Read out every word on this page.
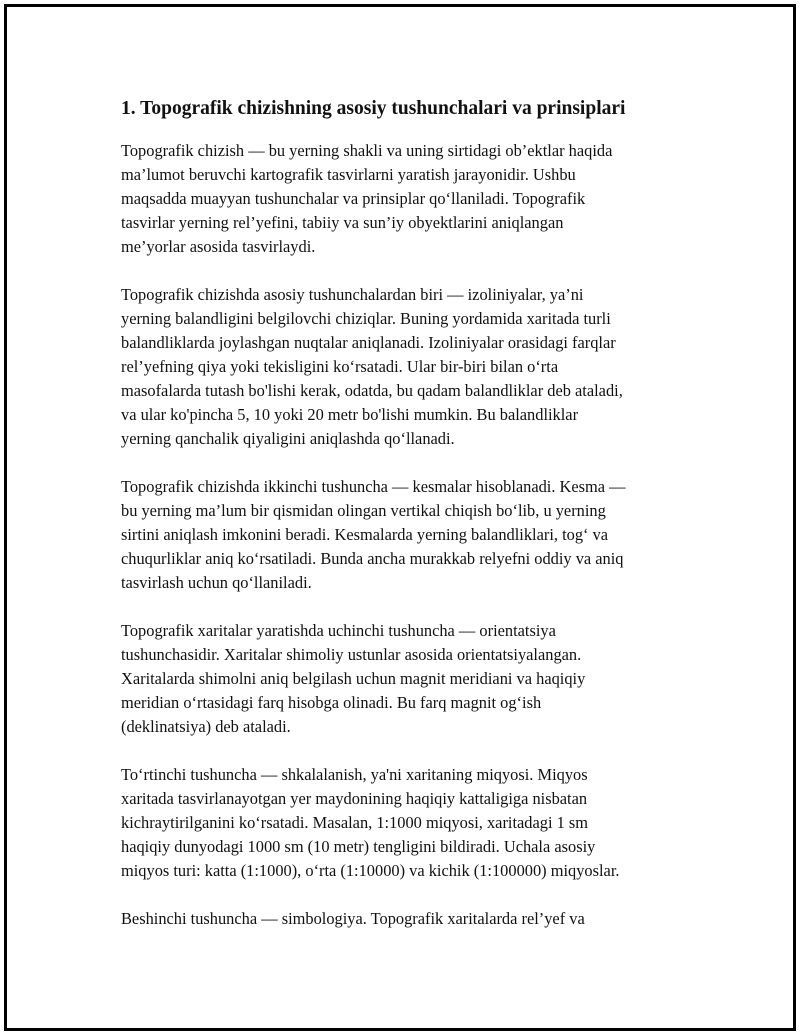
1. Topografik chizishning asosiy tushunchalari va prinsiplari

Topografik chizish — bu yerning shakli va uning sirtidagi ob’ektlar haqida
ma’lumot beruvchi kartografik tasvirlarni yaratish jarayonidir. Ushbu
maqsadda muayyan tushunchalar va prinsiplar qo‘llaniladi. Topografik
tasvirlar yerning rel’yefini, tabiiy va sun’iy obyektlarini aniqlangan
me’yorlar asosida tasvirlaydi.

Topografik chizishda asosiy tushunchalardan biri — izoliniyalar, ya’ni
yerning balandligini belgilovchi chiziqlar. Buning yordamida xaritada turli
balandliklarda joylashgan nuqtalar aniqlanadi. Izoliniyalar orasidagi farqlar
rel’yefning qiya yoki tekisligini ko‘rsatadi. Ular bir-biri bilan o‘rta
masofalarda tutash bo'lishi kerak, odatda, bu qadam balandliklar deb ataladi,
va ular ko'pincha 5, 10 yoki 20 metr bo'lishi mumkin. Bu balandliklar
yerning qanchalik qiyaligini aniqlashda qo‘llanadi.

Topografik chizishda ikkinchi tushuncha — kesmalar hisoblanadi. Kesma —
bu yerning ma’lum bir qismidan olingan vertikal chiqish bo‘lib, u yerning
sirtini aniqlash imkonini beradi. Kesmalarda yerning balandliklari, tog‘ va
chuqurliklar aniq ko‘rsatiladi. Bunda ancha murakkab relyefni oddiy va aniq
tasvirlash uchun qo‘llaniladi.

Topografik xaritalar yaratishda uchinchi tushuncha — orientatsiya
tushunchasidir. Xaritalar shimoliy ustunlar asosida orientatsiyalangan.
Xaritalarda shimolni aniq belgilash uchun magnit meridiani va haqiqiy
meridian o‘rtasidagi farq hisobga olinadi. Bu farq magnit og‘ish
(deklinatsiya) deb ataladi.

To‘rtinchi tushuncha — shkalalanish, ya'ni xaritaning miqyosi. Miqyos
xaritada tasvirlanayotgan yer maydonining haqiqiy kattaligiga nisbatan
kichraytirilganini ko‘rsatadi. Masalan, 1:1000 miqyosi, xaritadagi 1 sm
haqiqiy dunyodagi 1000 sm (10 metr) tengligini bildiradi. Uchala asosiy
miqyos turi: katta (1:1000), o‘rta (1:10000) va kichik (1:100000) miqyoslar.

Beshinchi tushuncha — simbologiya. Topografik xaritalarda rel’yef va
